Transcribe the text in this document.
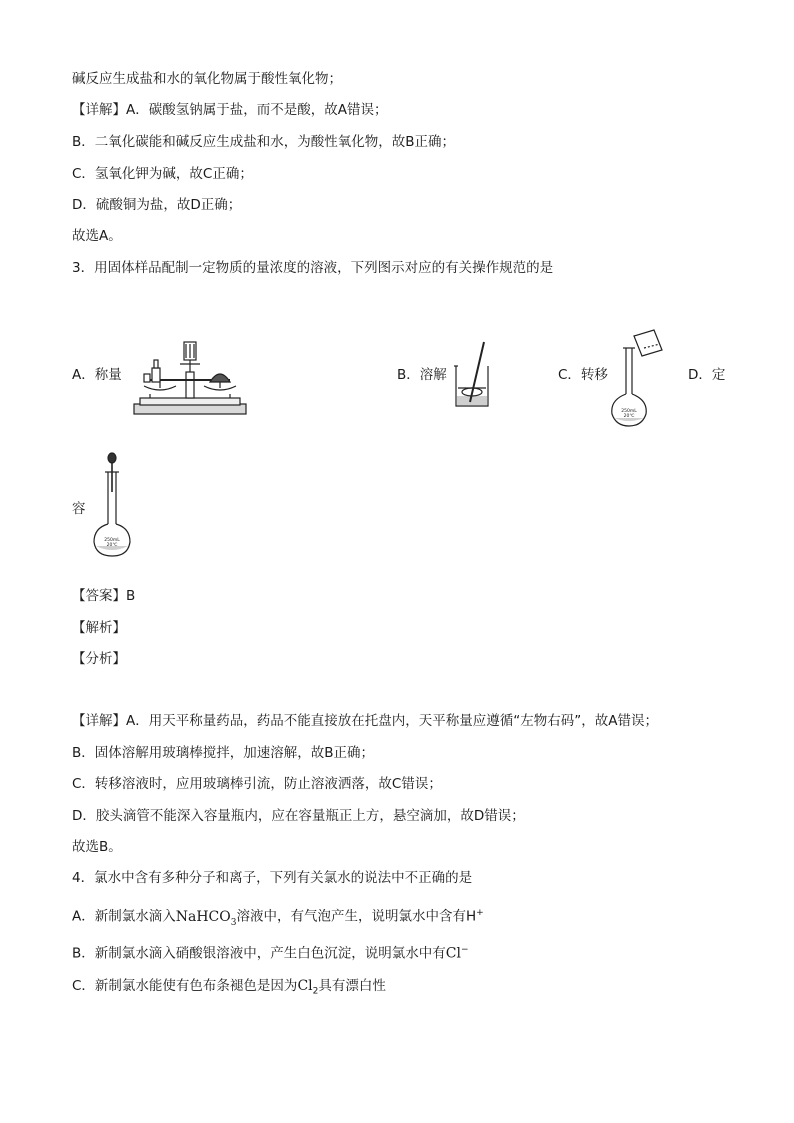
碱反应生成盐和水的氧化物属于酸性氧化物；
【详解】A．碳酸氢钠属于盐，而不是酸，故A错误；
B．二氧化碳能和碱反应生成盐和水，为酸性氧化物，故B正确；
C．氢氧化钾为碱，故C正确；
D．硫酸铜为盐，故D正确；
故选A。
3．用固体样品配制一定物质的量浓度的溶液，下列图示对应的有关操作规范的是
A．称量	B．溶解	C．转移	D．定
容
250mL
20℃
250mL
20℃
【答案】B
【解析】
【分析】
【详解】A．用天平称量药品，药品不能直接放在托盘内，天平称量应遵循“左物右码”，故A错误；
B．固体溶解用玻璃棒搅拌，加速溶解，故B正确；
C．转移溶液时，应用玻璃棒引流，防止溶液洒落，故C错误；
D．胶头滴管不能深入容量瓶内，应在容量瓶正上方，悬空滴加，故D错误；
故选B。
4．氯水中含有多种分子和离子，下列有关氯水的说法中不正确的是
A．新制氯水滴入NaHCO$_3$溶液中，有气泡产生，说明氯水中含有H+
B．新制氯水滴入硝酸银溶液中，产生白色沉淀，说明氯水中有Cl−
C．新制氯水能使有色布条褪色是因为$Cl_2$具有漂白性
